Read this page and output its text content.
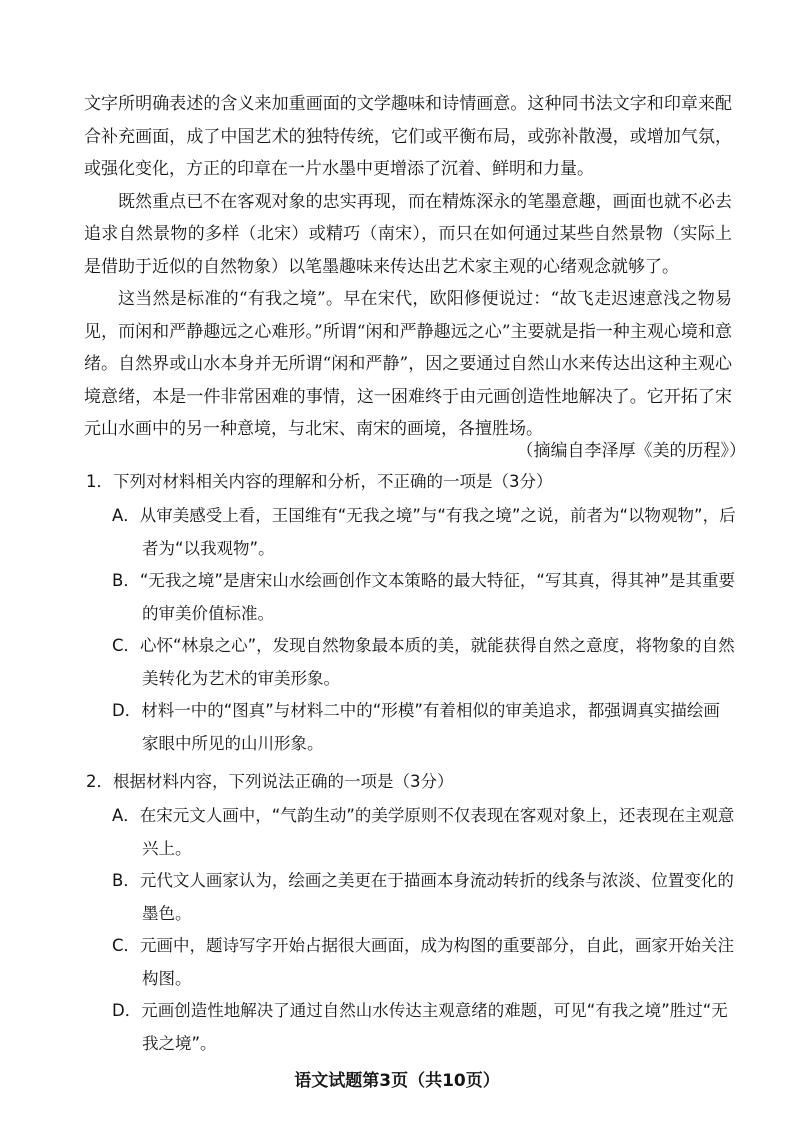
文字所明确表述的含义来加重画面的文学趣味和诗情画意。这种同书法文字和印章来配合补充画面，成了中国艺术的独特传统，它们或平衡布局，或弥补散漫，或增加气氛，或强化变化，方正的印章在一片水墨中更增添了沉着、鲜明和力量。

既然重点已不在客观对象的忠实再现，而在精炼深永的笔墨意趣，画面也就不必去追求自然景物的多样（北宋）或精巧（南宋），而只在如何通过某些自然景物（实际上是借助于近似的自然物象）以笔墨趣味来传达出艺术家主观的心绪观念就够了。

这当然是标准的“有我之境”。早在宋代，欧阳修便说过：“故飞走迟速意浅之物易见，而闲和严静趣远之心难形。”所谓“闲和严静趣远之心”主要就是指一种主观心境和意绪。自然界或山水本身并无所谓“闲和严静”，因之要通过自然山水来传达出这种主观心境意绪，本是一件非常困难的事情，这一困难终于由元画创造性地解决了。它开拓了宋元山水画中的另一种意境，与北宋、南宋的画境，各擅胜场。

（摘编自李泽厚《美的历程》）

1．下列对材料相关内容的理解和分析，不正确的一项是（3分）

A．从审美感受上看，王国维有“无我之境”与“有我之境”之说，前者为“以物观物”，后者为“以我观物”。

B．“无我之境”是唐宋山水绘画创作文本策略的最大特征，“写其真，得其神”是其重要的审美价值标准。

C．心怀“林泉之心”，发现自然物象最本质的美，就能获得自然之意度，将物象的自然美转化为艺术的审美形象。

D．材料一中的“图真”与材料二中的“形模”有着相似的审美追求，都强调真实描绘画家眼中所见的山川形象。

2．根据材料内容，下列说法正确的一项是（3分）

A．在宋元文人画中，“气韵生动”的美学原则不仅表现在客观对象上，还表现在主观意兴上。

B．元代文人画家认为，绘画之美更在于描画本身流动转折的线条与浓淡、位置变化的墨色。

C．元画中，题诗写字开始占据很大画面，成为构图的重要部分，自此，画家开始关注构图。

D．元画创造性地解决了通过自然山水传达主观意绪的难题，可见“有我之境”胜过“无我之境”。

语文试题第3页（共10页）
